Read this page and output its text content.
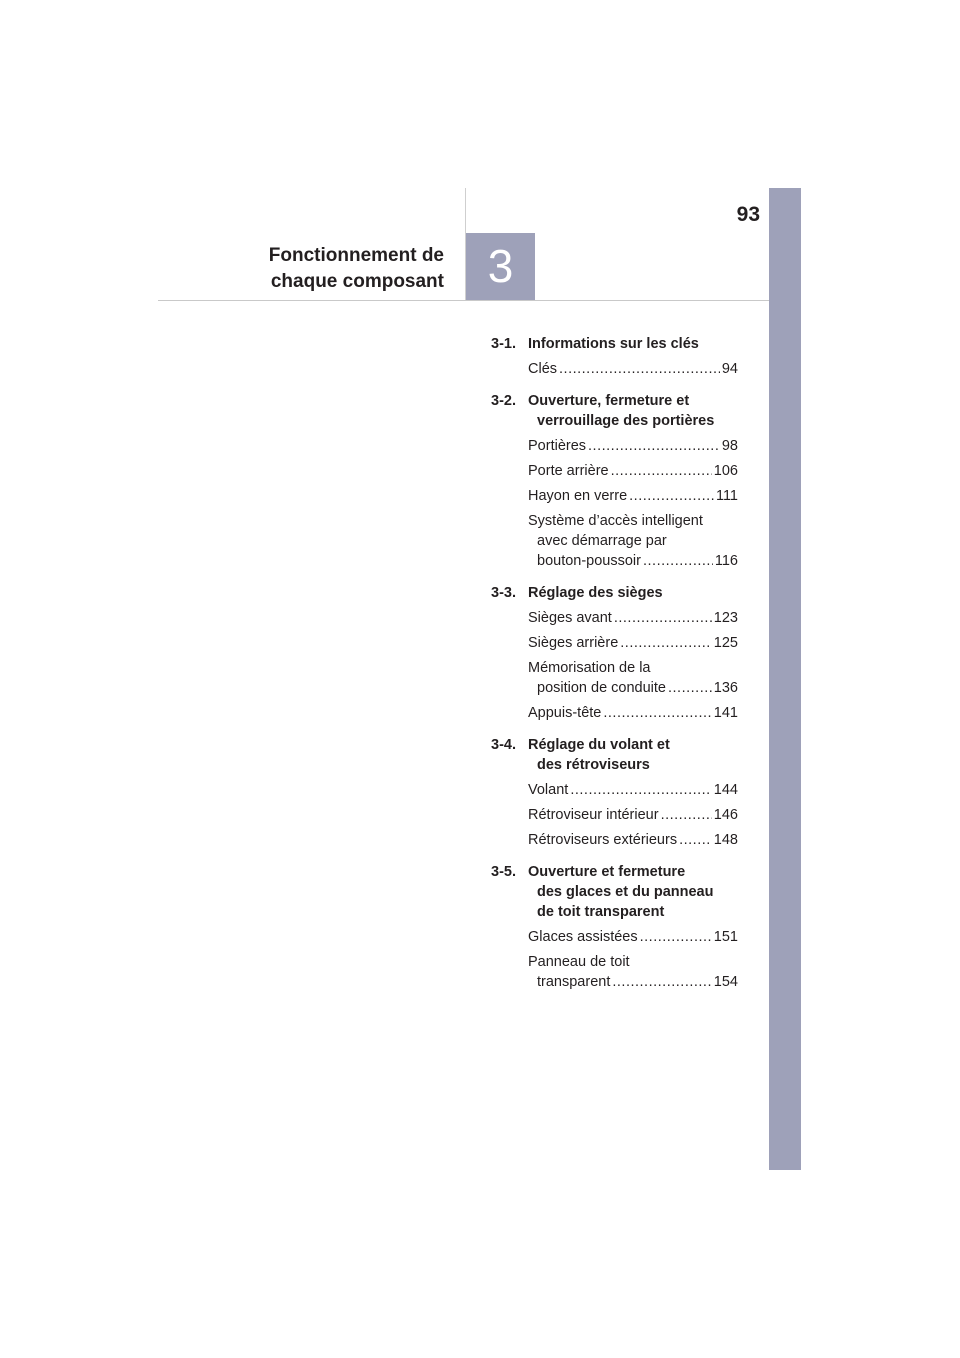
93
Fonctionnement de
chaque composant 3
3-1. Informations sur les clés
Clés .....	94
3-2. Ouverture, fermeture et
verrouillage des portières
Portières .....	98
Porte arrière .....	106
Hayon en verre .....	111
Système d’accès intelligent
avec démarrage par
bouton-poussoir .....	116
3-3. Réglage des sièges
Sièges avant .....	123
Sièges arrière .....	125
Mémorisation de la
position de conduite .....	136
Appuis-tête .....	141
3-4. Réglage du volant et
des rétroviseurs
Volant .....	144
Rétroviseur intérieur .....	146
Rétroviseurs extérieurs .....	148
3-5. Ouverture et fermeture
des glaces et du panneau
de toit transparent
Glaces assistées .....	151
Panneau de toit
transparent .....	154
